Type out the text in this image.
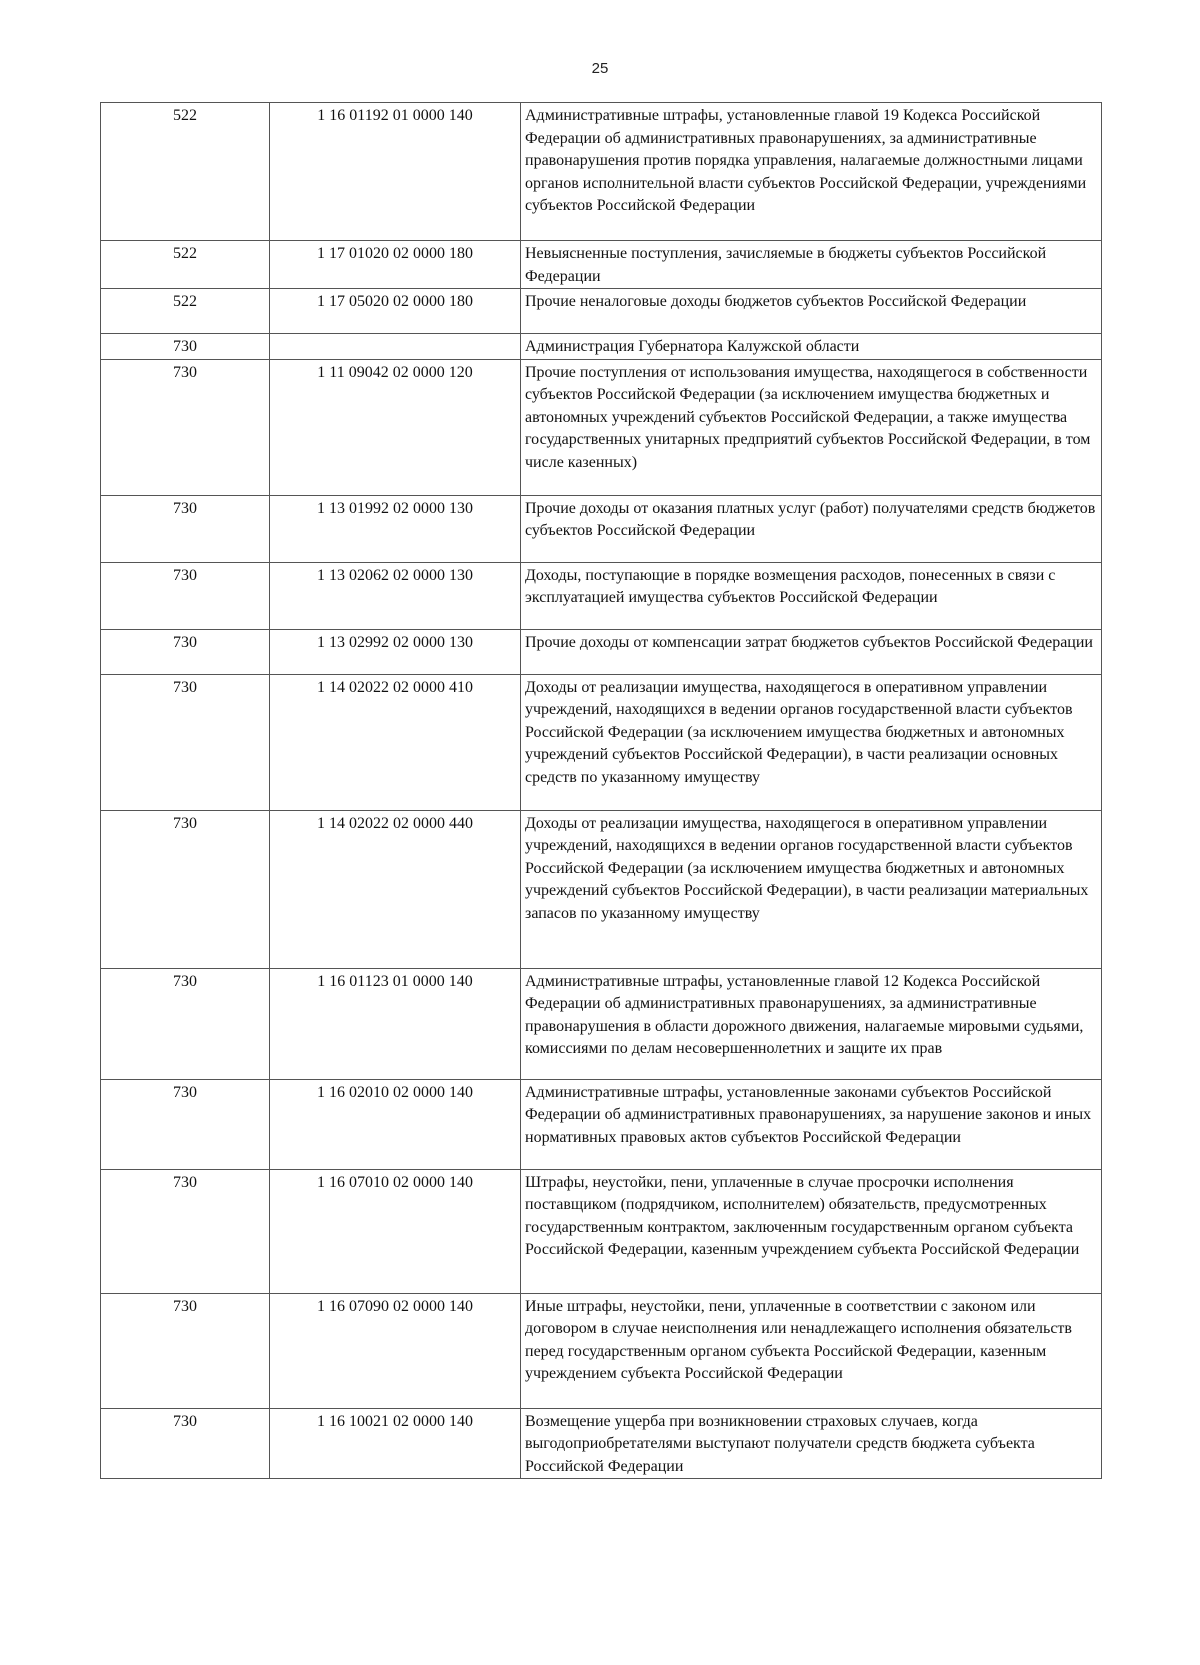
25
522	1 16 01192 01 0000 140	Административные штрафы, установленные главой 19 Кодекса Российской Федерации об административных правонарушениях, за административные правонарушения против порядка управления, налагаемые должностными лицами органов исполнительной власти субъектов Российской Федерации, учреждениями субъектов Российской Федерации
522	1 17 01020 02 0000 180	Невыясненные поступления, зачисляемые в бюджеты субъектов Российской Федерации
522	1 17 05020 02 0000 180	Прочие неналоговые доходы бюджетов субъектов Российской Федерации
730		Администрация Губернатора Калужской области
730	1 11 09042 02 0000 120	Прочие поступления от использования имущества, находящегося в собственности субъектов Российской Федерации (за исключением имущества бюджетных и автономных учреждений субъектов Российской Федерации, а также имущества государственных унитарных предприятий субъектов Российской Федерации, в том числе казенных)
730	1 13 01992 02 0000 130	Прочие доходы от оказания платных услуг (работ) получателями средств бюджетов субъектов Российской Федерации
730	1 13 02062 02 0000 130	Доходы, поступающие в порядке возмещения расходов, понесенных в связи с эксплуатацией имущества субъектов Российской Федерации
730	1 13 02992 02 0000 130	Прочие доходы от компенсации затрат бюджетов субъектов Российской Федерации
730	1 14 02022 02 0000 410	Доходы от реализации имущества, находящегося в оперативном управлении учреждений, находящихся в ведении органов государственной власти субъектов Российской Федерации (за исключением имущества бюджетных и автономных учреждений субъектов Российской Федерации), в части реализации основных средств по указанному имуществу
730	1 14 02022 02 0000 440	Доходы от реализации имущества, находящегося в оперативном управлении учреждений, находящихся в ведении органов государственной власти субъектов Российской Федерации (за исключением имущества бюджетных и автономных учреждений субъектов Российской Федерации), в части реализации материальных запасов по указанному имуществу
730	1 16 01123 01 0000 140	Административные штрафы, установленные главой 12 Кодекса Российской Федерации об административных правонарушениях, за административные правонарушения в области дорожного движения, налагаемые мировыми судьями, комиссиями по делам несовершеннолетних и защите их прав
730	1 16 02010 02 0000 140	Административные штрафы, установленные законами субъектов Российской Федерации об административных правонарушениях, за нарушение законов и иных нормативных правовых актов субъектов Российской Федерации
730	1 16 07010 02 0000 140	Штрафы, неустойки, пени, уплаченные в случае просрочки исполнения поставщиком (подрядчиком, исполнителем) обязательств, предусмотренных государственным контрактом, заключенным государственным органом субъекта Российской Федерации, казенным учреждением субъекта Российской Федерации
730	1 16 07090 02 0000 140	Иные штрафы, неустойки, пени, уплаченные в соответствии с законом или договором в случае неисполнения или ненадлежащего исполнения обязательств перед государственным органом субъекта Российской Федерации, казенным учреждением субъекта Российской Федерации
730	1 16 10021 02 0000 140	Возмещение ущерба при возникновении страховых случаев, когда выгодоприобретателями выступают получатели средств бюджета субъекта Российской Федерации
